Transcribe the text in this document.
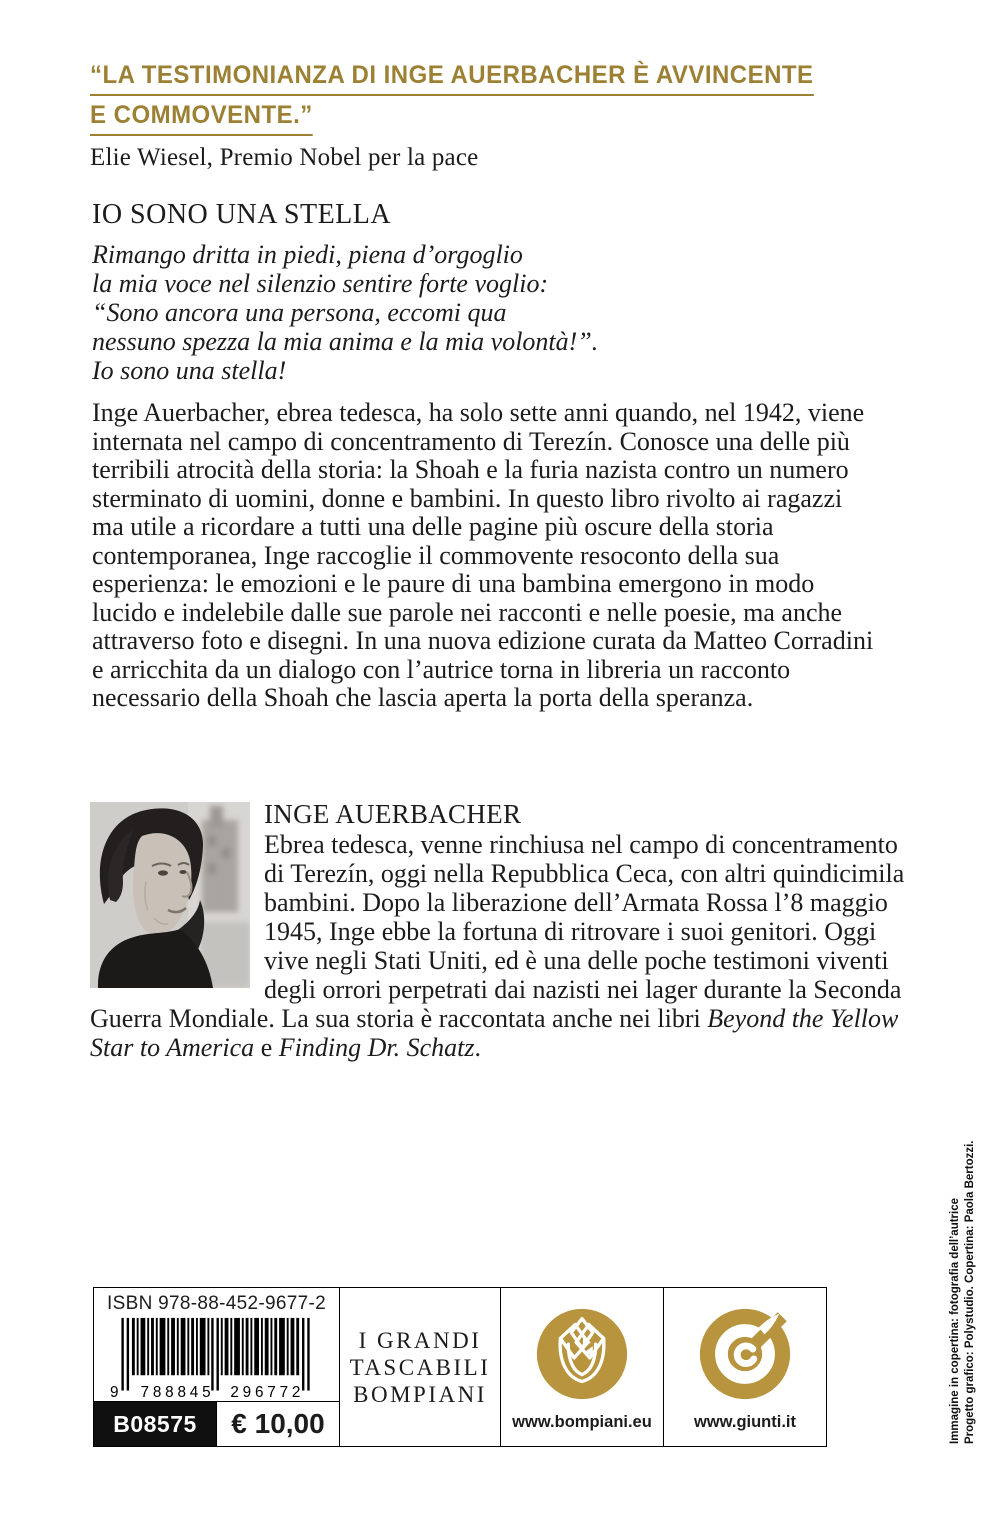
“LA TESTIMONIANZA DI INGE AUERBACHER È AVVINCENTE
E COMMOVENTE.”
Elie Wiesel, Premio Nobel per la pace
IO SONO UNA STELLA
Rimango dritta in piedi, piena d’orgoglio
la mia voce nel silenzio sentire forte voglio:
“Sono ancora una persona, eccomi qua
nessuno spezza la mia anima e la mia volontà!”.
Io sono una stella!

Inge Auerbacher, ebrea tedesca, ha solo sette anni quando, nel 1942, viene internata nel campo di concentramento di Terezín. Conosce una delle più terribili atrocità della storia: la Shoah e la furia nazista contro un numero sterminato di uomini, donne e bambini. In questo libro rivolto ai ragazzi ma utile a ricordare a tutti una delle pagine più oscure della storia contemporanea, Inge raccoglie il commovente resoconto della sua esperienza: le emozioni e le paure di una bambina emergono in modo lucido e indelebile dalle sue parole nei racconti e nelle poesie, ma anche attraverso foto e disegni. In una nuova edizione curata da Matteo Corradini e arricchita da un dialogo con l’autrice torna in libreria un racconto necessario della Shoah che lascia aperta la porta della speranza.

INGE AUERBACHER

Ebrea tedesca, venne rinchiusa nel campo di concentramento di Terezín, oggi nella Repubblica Ceca, con altri quindicimila bambini. Dopo la liberazione dell’Armata Rossa l’8 maggio 1945, Inge ebbe la fortuna di ritrovare i suoi genitori. Oggi vive negli Stati Uniti, ed è una delle poche testimoni viventi degli orrori perpetrati dai nazisti nei lager durante la Seconda Guerra Mondiale. La sua storia è raccontata anche nei libri Beyond the Yellow Star to America e Finding Dr. Schatz.

ISBN 978-88-452-9677-2
9 788845 296772
B08575	€ 10,00
I GRANDI
TASCABILI
BOMPIANI
www.bompiani.eu	www.giunti.it	Immagine in copertina: fotografia dell’autrice Progetto grafico: Polystudio. Copertina: Paola Bertozzi.
